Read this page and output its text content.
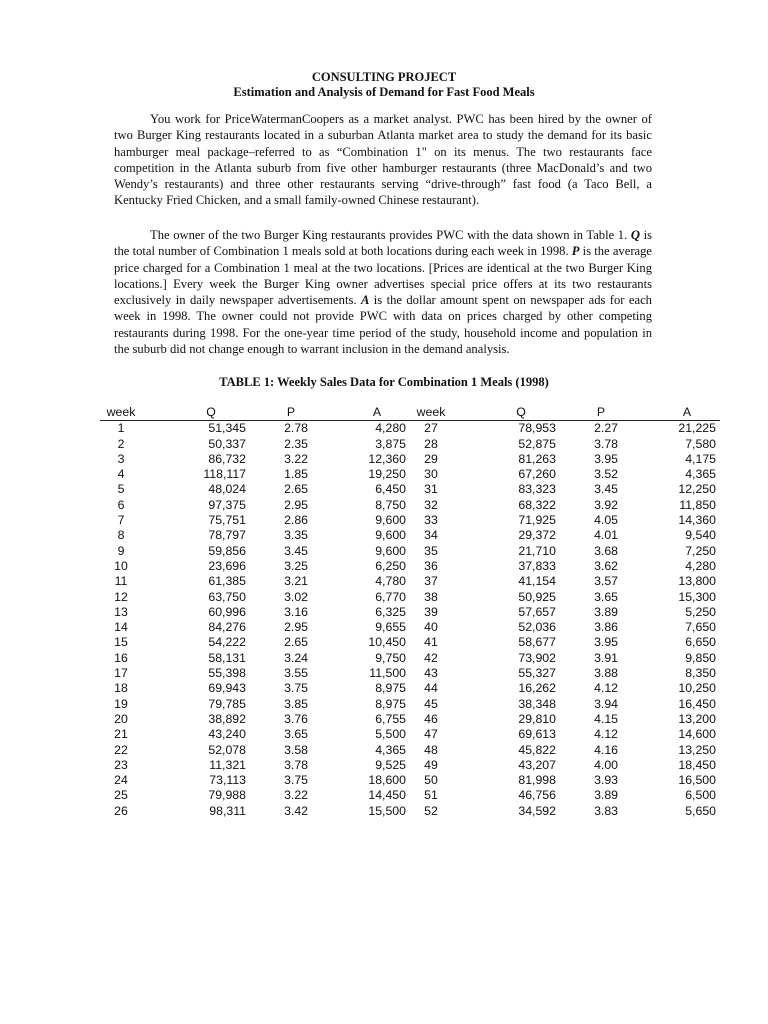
CONSULTING PROJECT
Estimation and Analysis of Demand for Fast Food Meals

You work for PriceWatermanCoopers as a market analyst. PWC has been hired by the owner of two Burger King restaurants located in a suburban Atlanta market area to study the demand for its basic hamburger meal package–referred to as “Combination 1" on its menus. The two restaurants face competition in the Atlanta suburb from five other hamburger restaurants (three MacDonald’s and two Wendy’s restaurants) and three other restaurants serving “drive-through” fast food (a Taco Bell, a Kentucky Fried Chicken, and a small family-owned Chinese restaurant).

The owner of the two Burger King restaurants provides PWC with the data shown in Table 1. Q is the total number of Combination 1 meals sold at both locations during each week in 1998. P is the average price charged for a Combination 1 meal at the two locations. [Prices are identical at the two Burger King locations.] Every week the Burger King owner advertises special price offers at its two restaurants exclusively in daily newspaper advertisements. A is the dollar amount spent on newspaper ads for each week in 1998. The owner could not provide PWC with data on prices charged by other competing restaurants during 1998. For the one-year time period of the study, household income and population in the suburb did not change enough to warrant inclusion in the demand analysis.

TABLE 1: Weekly Sales Data for Combination 1 Meals (1998)
week	Q	P	A
1	51,345	2.78	4,280
2	50,337	2.35	3,875
3	86,732	3.22	12,360
4	118,117	1.85	19,250
5	48,024	2.65	6,450
6	97,375	2.95	8,750
7	75,751	2.86	9,600
8	78,797	3.35	9,600
9	59,856	3.45	9,600
10	23,696	3.25	6,250
11	61,385	3.21	4,780
12	63,750	3.02	6,770
13	60,996	3.16	6,325
14	84,276	2.95	9,655
15	54,222	2.65	10,450
16	58,131	3.24	9,750
17	55,398	3.55	11,500
18	69,943	3.75	8,975
19	79,785	3.85	8,975
20	38,892	3.76	6,755
21	43,240	3.65	5,500
22	52,078	3.58	4,365
23	11,321	3.78	9,525
24	73,113	3.75	18,600
25	79,988	3.22	14,450
26	98,311	3.42	15,500
week	Q	P	A
27	78,953	2.27	21,225
28	52,875	3.78	7,580
29	81,263	3.95	4,175
30	67,260	3.52	4,365
31	83,323	3.45	12,250
32	68,322	3.92	11,850
33	71,925	4.05	14,360
34	29,372	4.01	9,540
35	21,710	3.68	7,250
36	37,833	3.62	4,280
37	41,154	3.57	13,800
38	50,925	3.65	15,300
39	57,657	3.89	5,250
40	52,036	3.86	7,650
41	58,677	3.95	6,650
42	73,902	3.91	9,850
43	55,327	3.88	8,350
44	16,262	4.12	10,250
45	38,348	3.94	16,450
46	29,810	4.15	13,200
47	69,613	4.12	14,600
48	45,822	4.16	13,250
49	43,207	4.00	18,450
50	81,998	3.93	16,500
51	46,756	3.89	6,500
52	34,592	3.83	5,650
